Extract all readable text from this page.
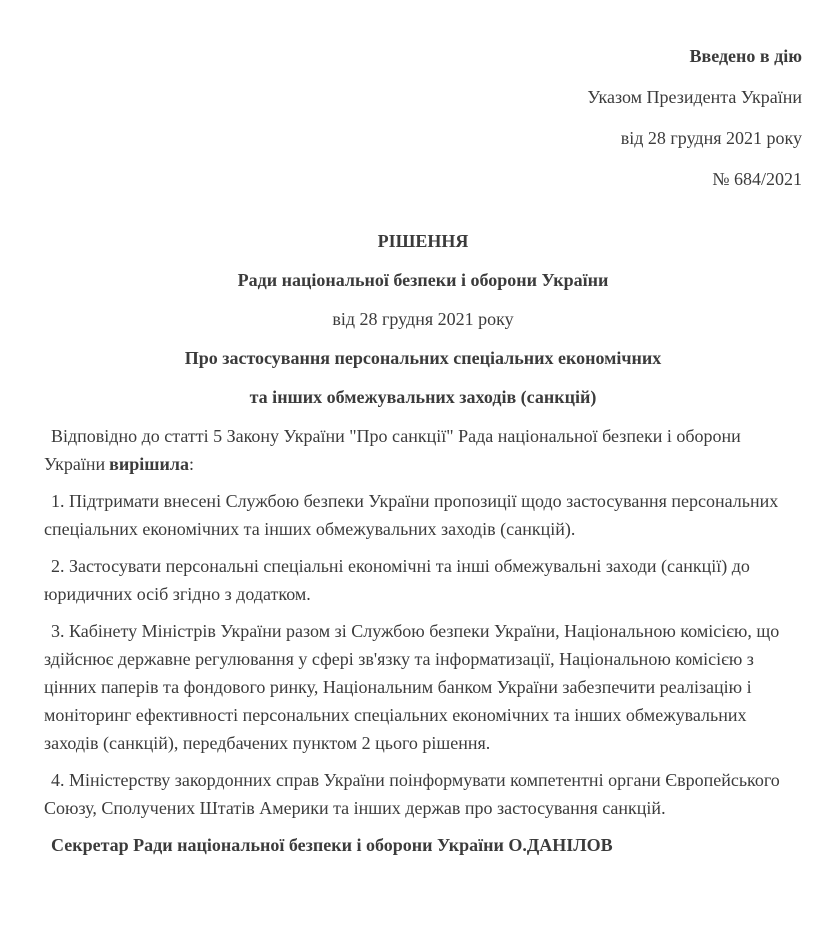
Введено в дію

Указом Президента України

від 28 грудня 2021 року

№ 684/2021

РІШЕННЯ

Ради національної безпеки і оборони України

від 28 грудня 2021 року

Про застосування персональних спеціальних економічних

та інших обмежувальних заходів (санкцій)

Відповідно до статті 5 Закону України "Про санкції" Рада національної безпеки і оборони України вирішила:

1. Підтримати внесені Службою безпеки України пропозиції щодо застосування персональних спеціальних економічних та інших обмежувальних заходів (санкцій).

2. Застосувати персональні спеціальні економічні та інші обмежувальні заходи (санкції) до юридичних осіб згідно з додатком.

3. Кабінету Міністрів України разом зі Службою безпеки України, Національною комісією, що здійснює державне регулювання у сфері зв'язку та інформатизації, Національною комісією з цінних паперів та фондового ринку, Національним банком України забезпечити реалізацію і моніторинг ефективності персональних спеціальних економічних та інших обмежувальних заходів (санкцій), передбачених пунктом 2 цього рішення.

4. Міністерству закордонних справ України поінформувати компетентні органи Європейського Союзу, Сполучених Штатів Америки та інших держав про застосування санкцій.

Секретар Ради національної безпеки і оборони України О.ДАНІЛОВ
